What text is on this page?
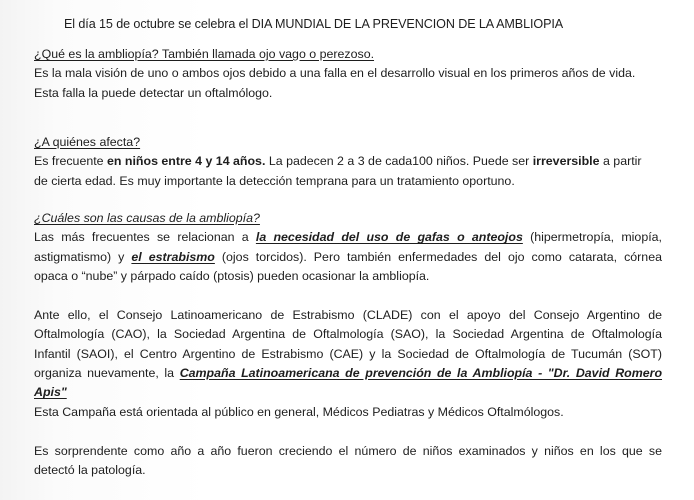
El día 15 de octubre se celebra el DIA MUNDIAL DE LA PREVENCION DE LA AMBLIOPIA
¿Qué es la ambliopía? También llamada ojo vago o perezoso.
Es la mala visión de uno o ambos ojos debido a una falla en el desarrollo visual en los primeros años de vida.
Esta falla la puede detectar un oftalmólogo.
¿A quiénes afecta?
Es frecuente en niños entre 4 y 14 años. La padecen 2 a 3 de cada100 niños. Puede ser irreversible a partir
de cierta edad. Es muy importante la detección temprana para un tratamiento oportuno.
¿Cuáles son las causas de la ambliopía?
Las más frecuentes se relacionan a la necesidad del uso de gafas o anteojos (hipermetropía, miopía,
astigmatismo) y el estrabismo (ojos torcidos). Pero también enfermedades del ojo como catarata, córnea
opaca o “nube” y párpado caído (ptosis) pueden ocasionar la ambliopía.
Ante ello, el Consejo Latinoamericano de Estrabismo (CLADE) con el apoyo del Consejo Argentino de
Oftalmología (CAO), la Sociedad Argentina de Oftalmología (SAO), la Sociedad Argentina de Oftalmología
Infantil (SAOI), el Centro Argentino de Estrabismo (CAE) y la Sociedad de Oftalmología de Tucumán (SOT)
organiza nuevamente, la Campaña Latinoamericana de prevención de la Ambliopía - "Dr. David Romero Apis"
Esta Campaña está orientada al público en general, Médicos Pediatras y Médicos Oftalmólogos.
Es sorprendente como año a año fueron creciendo el número de niños examinados y niños en los que se
detectó la patología.
